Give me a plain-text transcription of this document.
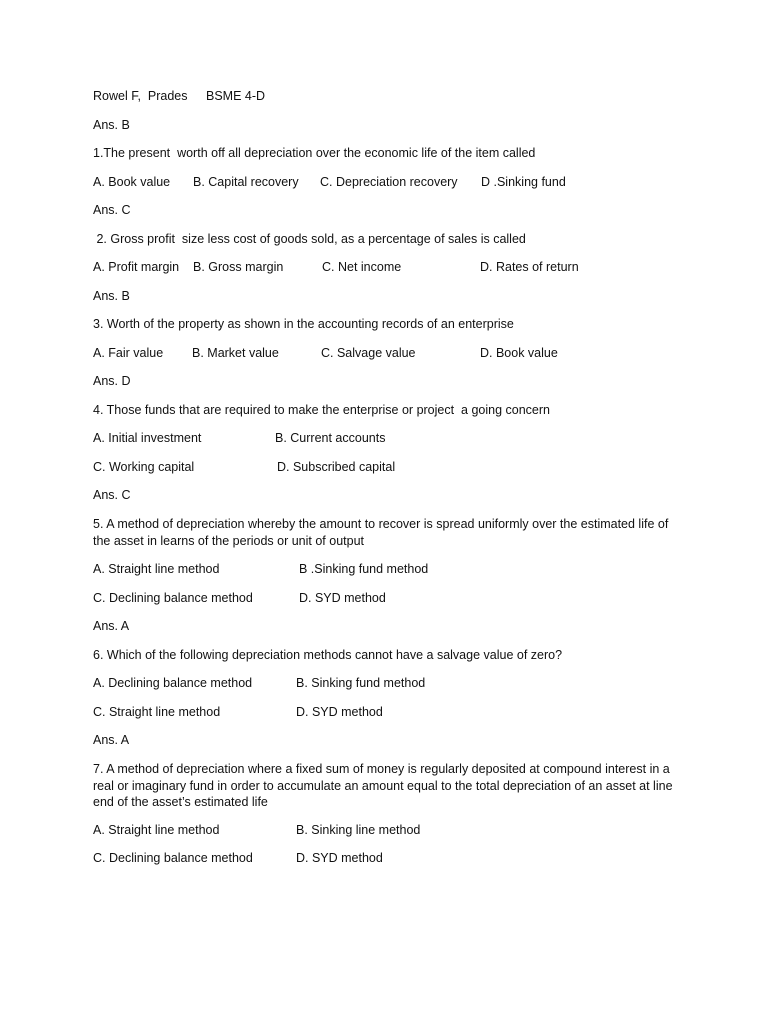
Rowel F,  Prades BSME 4-D
Ans. B
1.The present  worth off all depreciation over the economic life of the item called
A. Book value B. Capital recovery C. Depreciation recovery D .Sinking fund
Ans. C
2. Gross profit  size less cost of goods sold, as a percentage of sales is called
A. Profit margin B. Gross margin	C. Net income	D. Rates of return
Ans. B
3. Worth of the property as shown in the accounting records of an enterprise
A. Fair value B. Market value	C. Salvage value	D. Book value
Ans. D
4. Those funds that are required to make the enterprise or project  a going concern
A. Initial investment	B. Current accounts
C. Working capital	D. Subscribed capital
Ans. C
5. A method of depreciation whereby the amount to recover is spread uniformly over the estimated life of the asset in learns of the periods or unit of output
A. Straight line method	B .Sinking fund method
C. Declining balance method	D. SYD method
Ans. A
6. Which of the following depreciation methods cannot have a salvage value of zero?
A. Declining balance method	B. Sinking fund method
C. Straight line method	D. SYD method
Ans. A
7. A method of depreciation where a fixed sum of money is regularly deposited at compound interest in a real or imaginary fund in order to accumulate an amount equal to the total depreciation of an asset at line end of the asset’s estimated life
A. Straight line method	B. Sinking line method
C. Declining balance method	D. SYD method
